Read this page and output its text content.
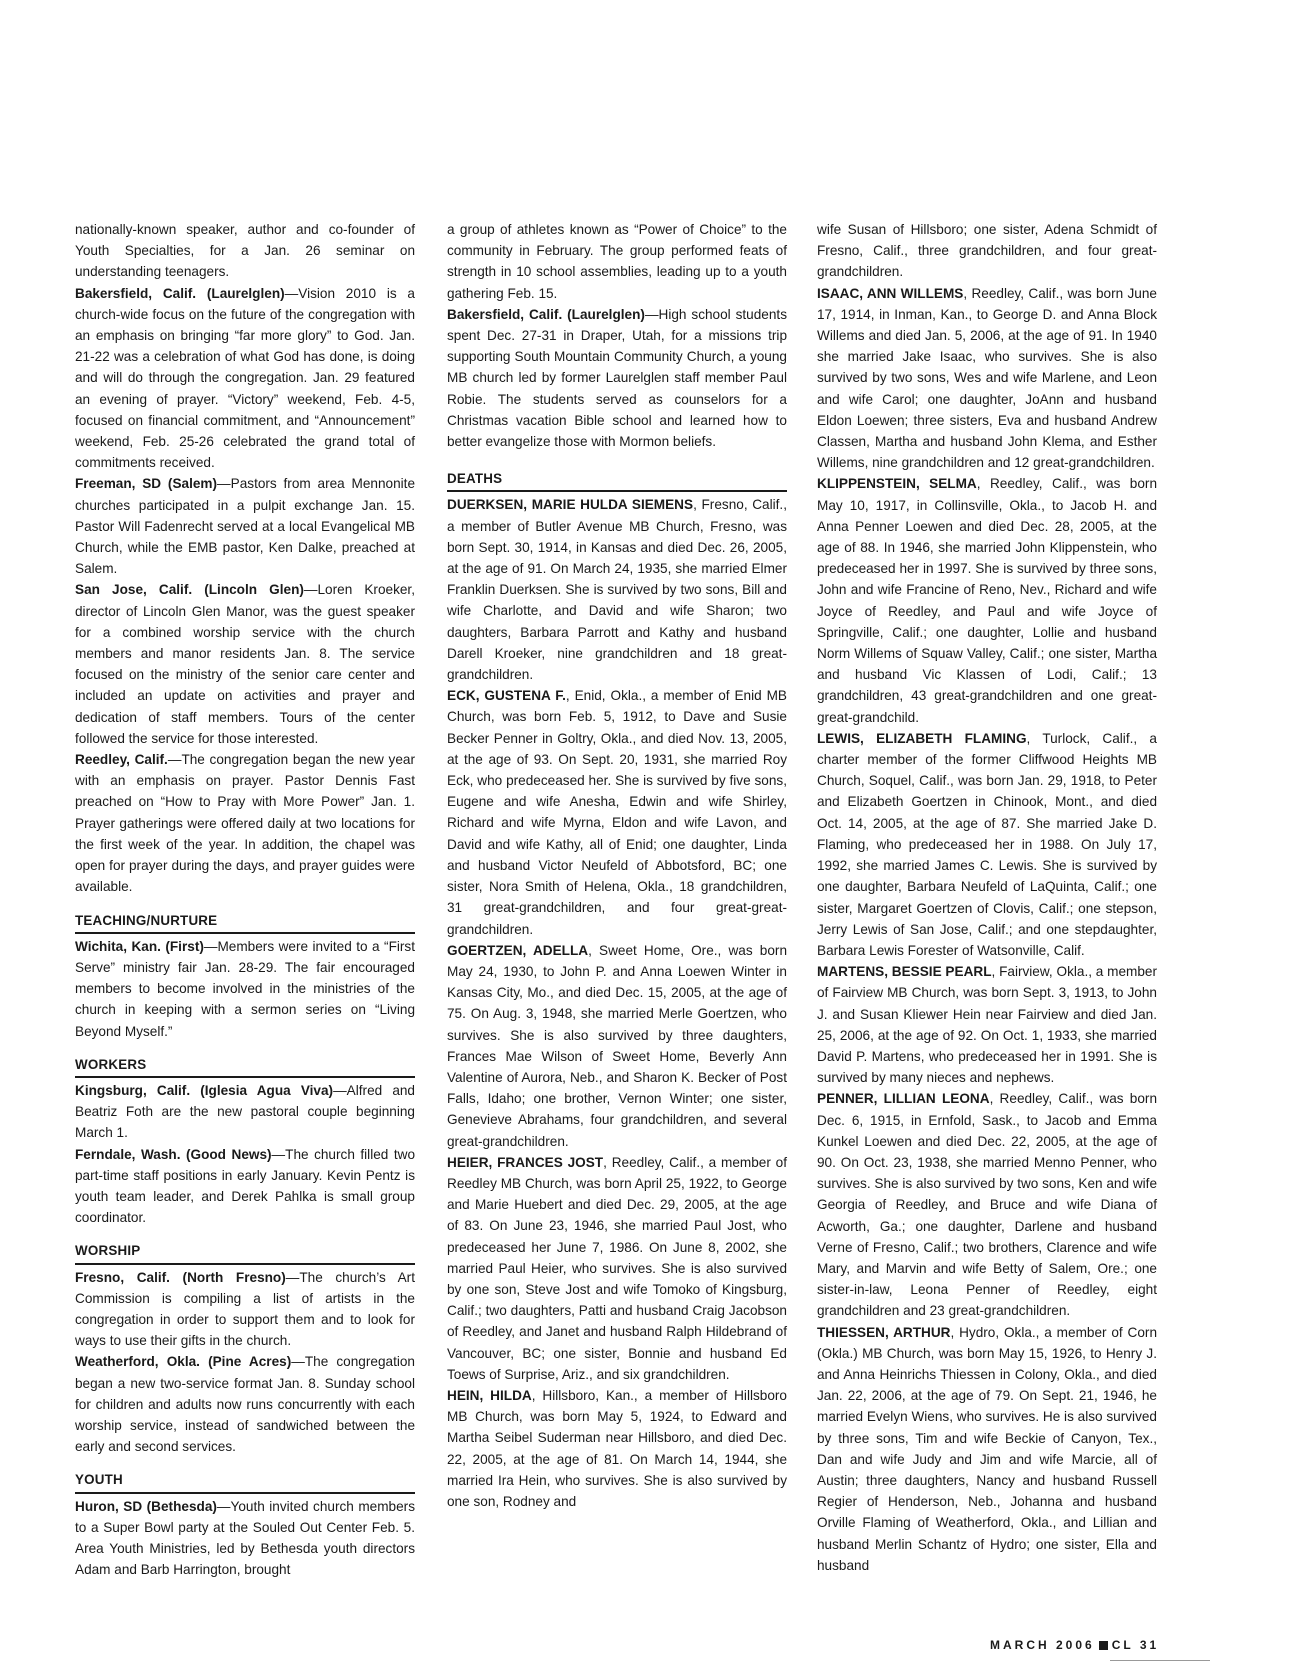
nationally-known speaker, author and co-founder of Youth Specialties, for a Jan. 26 seminar on understanding teenagers.

Bakersfield, Calif. (Laurelglen)—Vision 2010 is a church-wide focus on the future of the congregation with an emphasis on bringing “far more glory” to God. Jan. 21-22 was a celebration of what God has done, is doing and will do through the congregation. Jan. 29 featured an evening of prayer. “Victory” weekend, Feb. 4-5, focused on financial commitment, and “Announcement” weekend, Feb. 25-26 celebrated the grand total of commitments received.

Freeman, SD (Salem)—Pastors from area Mennonite churches participated in a pulpit exchange Jan. 15. Pastor Will Fadenrecht served at a local Evangelical MB Church, while the EMB pastor, Ken Dalke, preached at Salem.

San Jose, Calif. (Lincoln Glen)—Loren Kroeker, director of Lincoln Glen Manor, was the guest speaker for a combined worship service with the church members and manor residents Jan. 8. The service focused on the ministry of the senior care center and included an update on activities and prayer and dedication of staff members. Tours of the center followed the service for those interested.

Reedley, Calif.—The congregation began the new year with an emphasis on prayer. Pastor Dennis Fast preached on “How to Pray with More Power” Jan. 1. Prayer gatherings were offered daily at two locations for the first week of the year. In addition, the chapel was open for prayer during the days, and prayer guides were available.

TEACHING/NURTURE

Wichita, Kan. (First)—Members were invited to a “First Serve” ministry fair Jan. 28-29. The fair encouraged members to become involved in the ministries of the church in keeping with a sermon series on “Living Beyond Myself.”

WORKERS

Kingsburg, Calif. (Iglesia Agua Viva)—Alfred and Beatriz Foth are the new pastoral couple beginning March 1.

Ferndale, Wash. (Good News)—The church filled two part-time staff positions in early January. Kevin Pentz is youth team leader, and Derek Pahlka is small group coordinator.

WORSHIP

Fresno, Calif. (North Fresno)—The church’s Art Commission is compiling a list of artists in the congregation in order to support them and to look for ways to use their gifts in the church.

Weatherford, Okla. (Pine Acres)—The congregation began a new two-service format Jan. 8. Sunday school for children and adults now runs concurrently with each worship service, instead of sandwiched between the early and second services.

YOUTH

Huron, SD (Bethesda)—Youth invited church members to a Super Bowl party at the Souled Out Center Feb. 5. Area Youth Ministries, led by Bethesda youth directors Adam and Barb Harrington, brought

a group of athletes known as “Power of Choice” to the community in February. The group performed feats of strength in 10 school assemblies, leading up to a youth gathering Feb. 15.

Bakersfield, Calif. (Laurelglen)—High school students spent Dec. 27-31 in Draper, Utah, for a missions trip supporting South Mountain Community Church, a young MB church led by former Laurelglen staff member Paul Robie. The students served as counselors for a Christmas vacation Bible school and learned how to better evangelize those with Mormon beliefs.

DEATHS

DUERKSEN, MARIE HULDA SIEMENS, Fresno, Calif., a member of Butler Avenue MB Church, Fresno, was born Sept. 30, 1914, in Kansas and died Dec. 26, 2005, at the age of 91. On March 24, 1935, she married Elmer Franklin Duerksen. She is survived by two sons, Bill and wife Charlotte, and David and wife Sharon; two daughters, Barbara Parrott and Kathy and husband Darell Kroeker, nine grandchildren and 18 great-grandchildren.

ECK, GUSTENA F., Enid, Okla., a member of Enid MB Church, was born Feb. 5, 1912, to Dave and Susie Becker Penner in Goltry, Okla., and died Nov. 13, 2005, at the age of 93. On Sept. 20, 1931, she married Roy Eck, who predeceased her. She is survived by five sons, Eugene and wife Anesha, Edwin and wife Shirley, Richard and wife Myrna, Eldon and wife Lavon, and David and wife Kathy, all of Enid; one daughter, Linda and husband Victor Neufeld of Abbotsford, BC; one sister, Nora Smith of Helena, Okla., 18 grandchildren, 31 great-grandchildren, and four great-great-grandchildren.

GOERTZEN, ADELLA, Sweet Home, Ore., was born May 24, 1930, to John P. and Anna Loewen Winter in Kansas City, Mo., and died Dec. 15, 2005, at the age of 75. On Aug. 3, 1948, she married Merle Goertzen, who survives. She is also survived by three daughters, Frances Mae Wilson of Sweet Home, Beverly Ann Valentine of Aurora, Neb., and Sharon K. Becker of Post Falls, Idaho; one brother, Vernon Winter; one sister, Genevieve Abrahams, four grandchildren, and several great-grandchildren.

HEIER, FRANCES JOST, Reedley, Calif., a member of Reedley MB Church, was born April 25, 1922, to George and Marie Huebert and died Dec. 29, 2005, at the age of 83. On June 23, 1946, she married Paul Jost, who predeceased her June 7, 1986. On June 8, 2002, she married Paul Heier, who survives. She is also survived by one son, Steve Jost and wife Tomoko of Kingsburg, Calif.; two daughters, Patti and husband Craig Jacobson of Reedley, and Janet and husband Ralph Hildebrand of Vancouver, BC; one sister, Bonnie and husband Ed Toews of Surprise, Ariz., and six grandchildren.

HEIN, HILDA, Hillsboro, Kan., a member of Hillsboro MB Church, was born May 5, 1924, to Edward and Martha Seibel Suderman near Hillsboro, and died Dec. 22, 2005, at the age of 81. On March 14, 1944, she married Ira Hein, who survives. She is also survived by one son, Rodney and

wife Susan of Hillsboro; one sister, Adena Schmidt of Fresno, Calif., three grandchildren, and four great-grandchildren.

ISAAC, ANN WILLEMS, Reedley, Calif., was born June 17, 1914, in Inman, Kan., to George D. and Anna Block Willems and died Jan. 5, 2006, at the age of 91. In 1940 she married Jake Isaac, who survives. She is also survived by two sons, Wes and wife Marlene, and Leon and wife Carol; one daughter, JoAnn and husband Eldon Loewen; three sisters, Eva and husband Andrew Classen, Martha and husband John Klema, and Esther Willems, nine grandchildren and 12 great-grandchildren.

KLIPPENSTEIN, SELMA, Reedley, Calif., was born May 10, 1917, in Collinsville, Okla., to Jacob H. and Anna Penner Loewen and died Dec. 28, 2005, at the age of 88. In 1946, she married John Klippenstein, who predeceased her in 1997. She is survived by three sons, John and wife Francine of Reno, Nev., Richard and wife Joyce of Reedley, and Paul and wife Joyce of Springville, Calif.; one daughter, Lollie and husband Norm Willems of Squaw Valley, Calif.; one sister, Martha and husband Vic Klassen of Lodi, Calif.; 13 grandchildren, 43 great-grandchildren and one great-great-grandchild.

LEWIS, ELIZABETH FLAMING, Turlock, Calif., a charter member of the former Cliffwood Heights MB Church, Soquel, Calif., was born Jan. 29, 1918, to Peter and Elizabeth Goertzen in Chinook, Mont., and died Oct. 14, 2005, at the age of 87. She married Jake D. Flaming, who predeceased her in 1988. On July 17, 1992, she married James C. Lewis. She is survived by one daughter, Barbara Neufeld of LaQuinta, Calif.; one sister, Margaret Goertzen of Clovis, Calif.; one stepson, Jerry Lewis of San Jose, Calif.; and one stepdaughter, Barbara Lewis Forester of Watsonville, Calif.

MARTENS, BESSIE PEARL, Fairview, Okla., a member of Fairview MB Church, was born Sept. 3, 1913, to John J. and Susan Kliewer Hein near Fairview and died Jan. 25, 2006, at the age of 92. On Oct. 1, 1933, she married David P. Martens, who predeceased her in 1991. She is survived by many nieces and nephews.

PENNER, LILLIAN LEONA, Reedley, Calif., was born Dec. 6, 1915, in Ernfold, Sask., to Jacob and Emma Kunkel Loewen and died Dec. 22, 2005, at the age of 90. On Oct. 23, 1938, she married Menno Penner, who survives. She is also survived by two sons, Ken and wife Georgia of Reedley, and Bruce and wife Diana of Acworth, Ga.; one daughter, Darlene and husband Verne of Fresno, Calif.; two brothers, Clarence and wife Mary, and Marvin and wife Betty of Salem, Ore.; one sister-in-law, Leona Penner of Reedley, eight grandchildren and 23 great-grandchildren.

THIESSEN, ARTHUR, Hydro, Okla., a member of Corn (Okla.) MB Church, was born May 15, 1926, to Henry J. and Anna Heinrichs Thiessen in Colony, Okla., and died Jan. 22, 2006, at the age of 79. On Sept. 21, 1946, he married Evelyn Wiens, who survives. He is also survived by three sons, Tim and wife Beckie of Canyon, Tex., Dan and wife Judy and Jim and wife Marcie, all of Austin; three daughters, Nancy and husband Russell Regier of Henderson, Neb., Johanna and husband Orville Flaming of Weatherford, Okla., and Lillian and husband Merlin Schantz of Hydro; one sister, Ella and husband

MARCH 2006 CL 31
